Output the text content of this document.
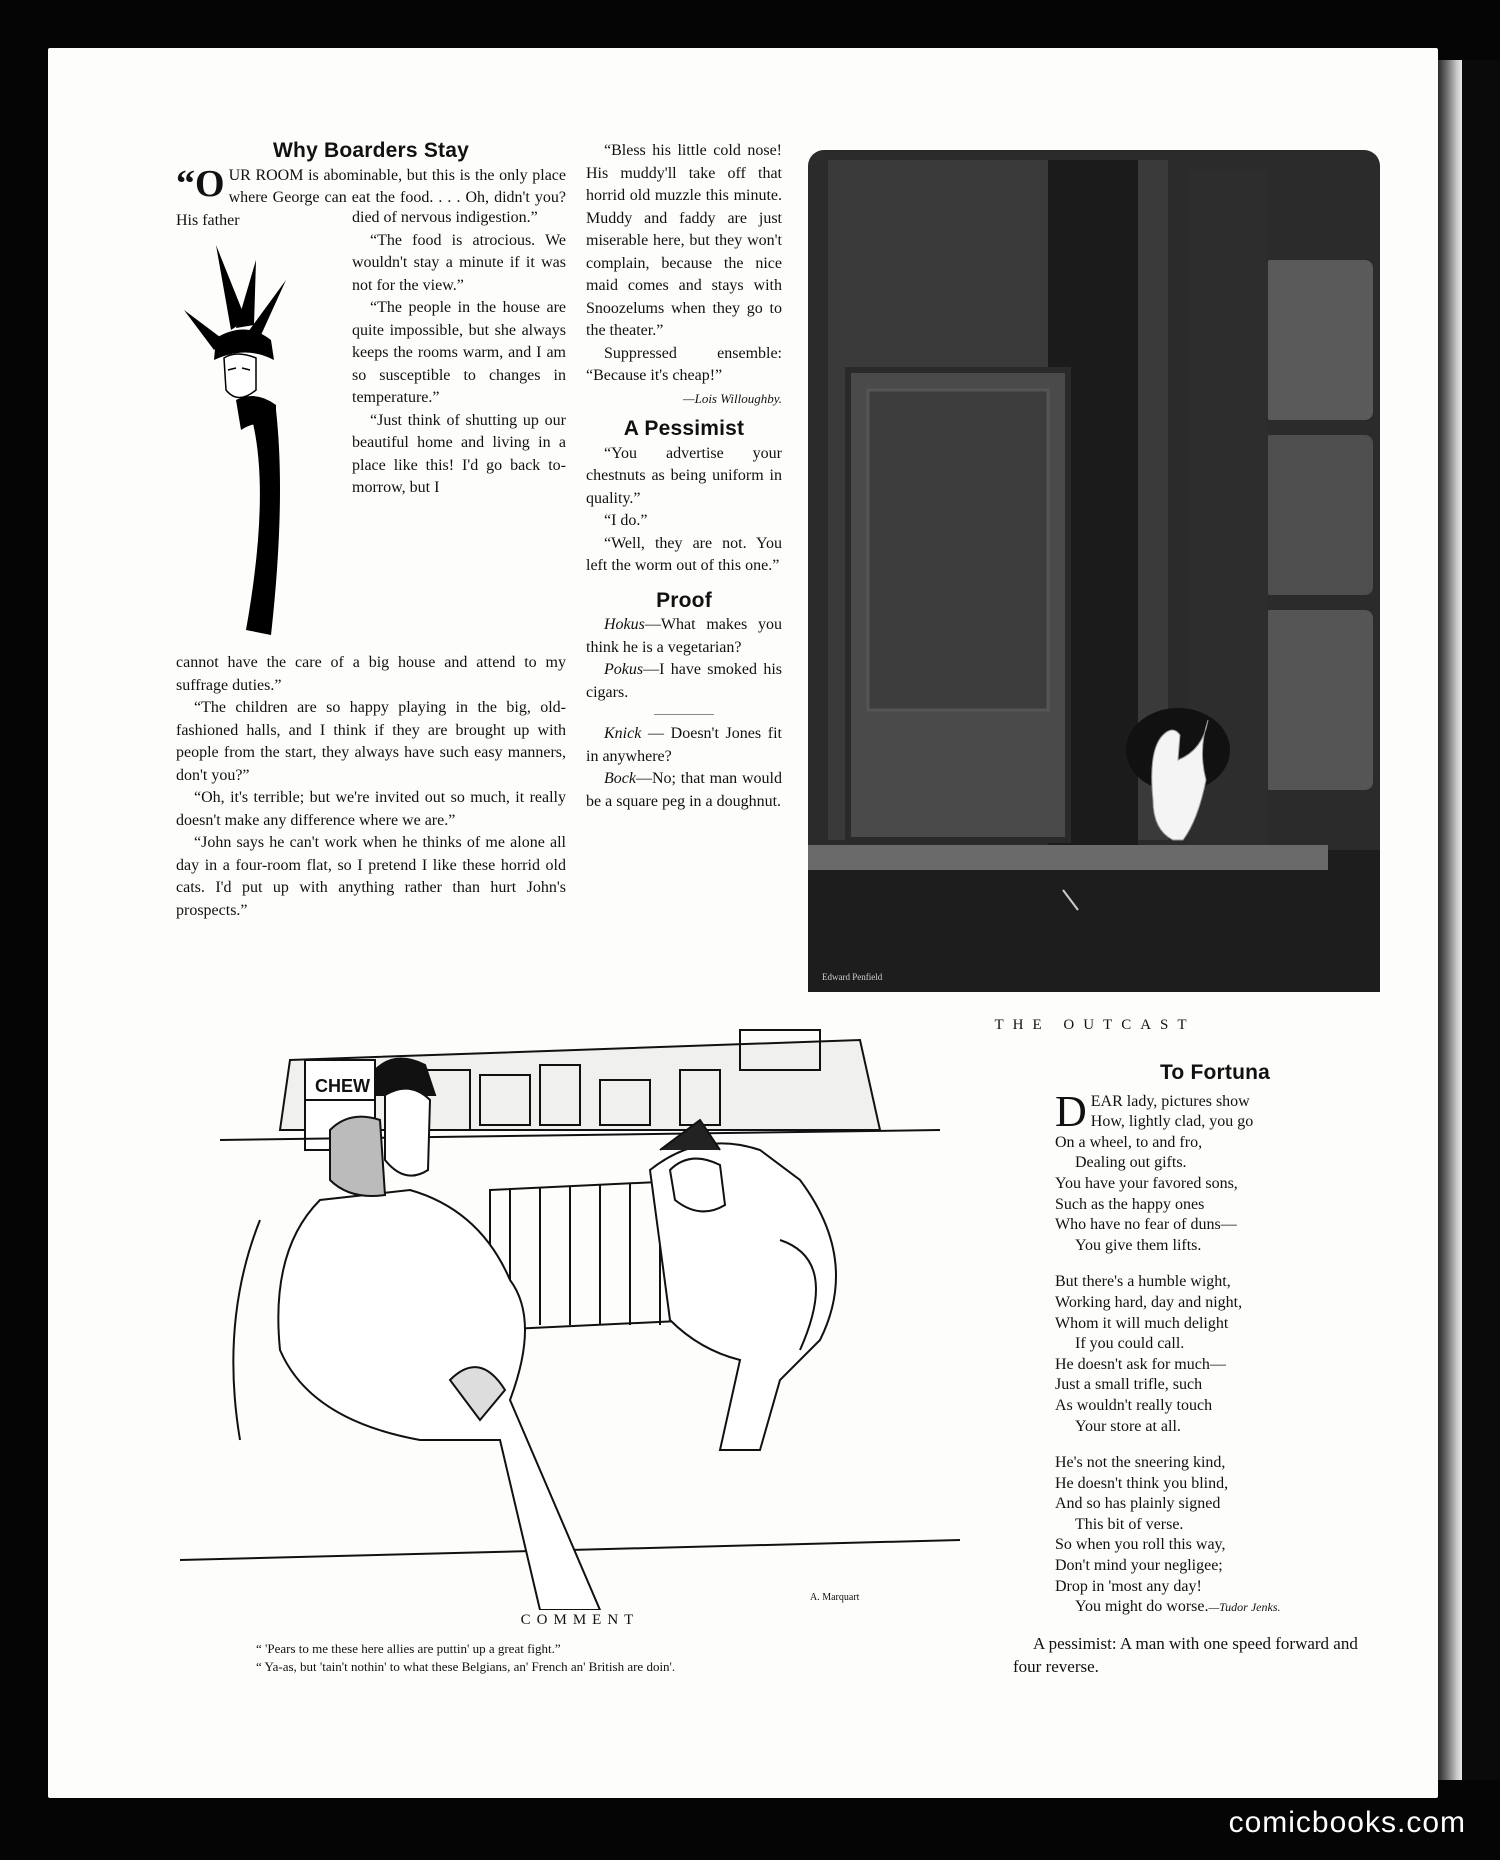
Why Boarders Stay

“O UR ROOM is abominable, but this is the only place where George can eat the food. . . . Oh, didn't you? His father	died of nervous indigestion.”

“The food is atrocious. We wouldn't stay a minute if it was not for the view.”

“The people in the house are quite impossible, but she always keeps the rooms warm, and I am so susceptible to changes in temperature.”

“Just think of shutting up our beautiful home and living in a place like this! I'd go back to-morrow, but I

cannot have the care of a big house and attend to my suffrage duties.”

“The children are so happy playing in the big, old-fashioned halls, and I think if they are brought up with people from the start, they always have such easy manners, don't you?”

“Oh, it's terrible; but we're invited out so much, it really doesn't make any difference where we are.”

“John says he can't work when he thinks of me alone all day in a four-room flat, so I pretend I like these horrid old cats. I'd put up with anything rather than hurt John's prospects.”

“Bless his little cold nose! His muddy'll take off that horrid old muzzle this minute. Muddy and faddy are just miserable here, but they won't complain, because the nice maid comes and stays with Snoozelums when they go to the theater.”

Suppressed ensemble: “Because it's cheap!”

—Lois Willoughby.
A Pessimist

“You advertise your chestnuts as being uniform in quality.”

“I do.”

“Well, they are not. You left the worm out of this one.”

Proof

Hokus—What makes you think he is a vegetarian?

Pokus—I have smoked his cigars.

Knick — Doesn't Jones fit in anywhere?

Bock—No; that man would be a square peg in a doughnut.

Edward Penfield
THE OUTCAST
CHEW
A. Marquart
COMMENT
“ 'Pears to me these here allies are puttin' up a great fight.”
“ Ya-as, but 'tain't nothin' to what these Belgians, an' French an' British are doin'.
To Fortuna
D EAR lady, pictures show
How, lightly clad, you go
On a wheel, to and fro,
Dealing out gifts.
You have your favored sons,
Such as the happy ones
Who have no fear of duns—
You give them lifts.
But there's a humble wight,
Working hard, day and night,
Whom it will much delight
If you could call.
He doesn't ask for much—
Just a small trifle, such
As wouldn't really touch
Your store at all.
He's not the sneering kind,
He doesn't think you blind,
And so has plainly signed
This bit of verse.
So when you roll this way,
Don't mind your negligee;
Drop in 'most any day!
You might do worse.—Tudor Jenks.
A pessimist: A man with one speed forward and four reverse.
comicbooks.com
